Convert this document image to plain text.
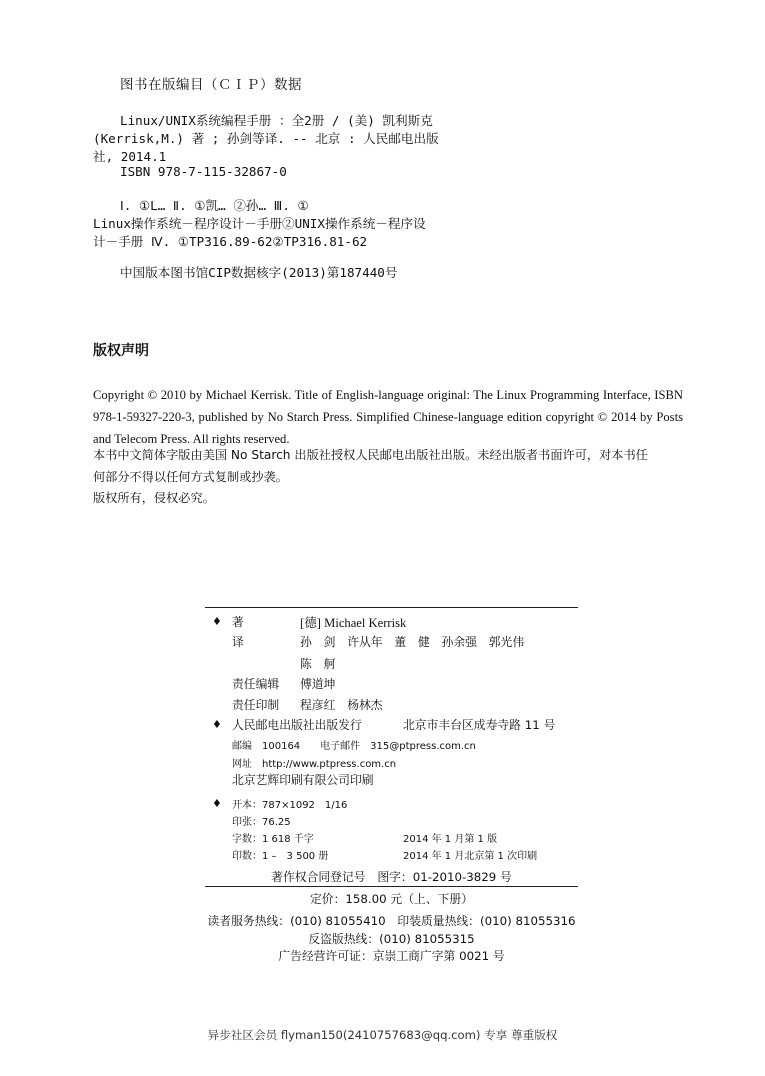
图书在版编目（ＣＩＰ）数据
Linux/UNIX系统编程手册 ：全2册 / (美) 凯利斯克
(Kerrisk,M.) 著 ; 孙剑等译. -- 北京 : 人民邮电出版
社, 2014.1
ISBN 978-7-115-32867-0
Ⅰ. ①L… Ⅱ. ①凯… ②孙… Ⅲ. ①
Linux操作系统－程序设计－手册②UNIX操作系统－程序设
计－手册 Ⅳ. ①TP316.89-62②TP316.81-62
中国版本图书馆CIP数据核字(2013)第187440号
版权声明
Copyright © 2010 by Michael Kerrisk. Title of English-language original: The Linux Programming Interface, ISBN 978-1-59327-220-3, published by No Starch Press. Simplified Chinese-language edition copyright © 2014 by Posts and Telecom Press. All rights reserved.
本书中文简体字版由美国 No Starch 出版社授权人民邮电出版社出版。未经出版者书面许可，对本书任
何部分不得以任何方式复制或抄袭。
版权所有，侵权必究。
♦ 著	[德] Michael Kerrisk
译	孙　剑　许从年　董　健　孙余强　郭光伟
陈　舸
责任编辑 傅道坤
责任印制 程彦红　杨林杰
♦ 人民邮电出版社出版发行	北京市丰台区成寿寺路 11 号
邮编　100164　　电子邮件　315@ptpress.com.cn
网址　http://www.ptpress.com.cn
北京艺辉印刷有限公司印刷
♦ 开本：787×1092　1/16
印张：76.25
字数：1 618 千字	2014 年 1 月第 1 版
印数：1 –　3 500 册	2014 年 1 月北京第 1 次印刷
著作权合同登记号　图字：01-2010-3829 号
定价：158.00 元（上、下册）
读者服务热线：(010) 81055410　印装质量热线：(010) 81055316
反盗版热线：(010) 81055315
广告经营许可证：京崇工商广字第 0021 号
异步社区会员 flyman150(2410757683@qq.com) 专享 尊重版权
